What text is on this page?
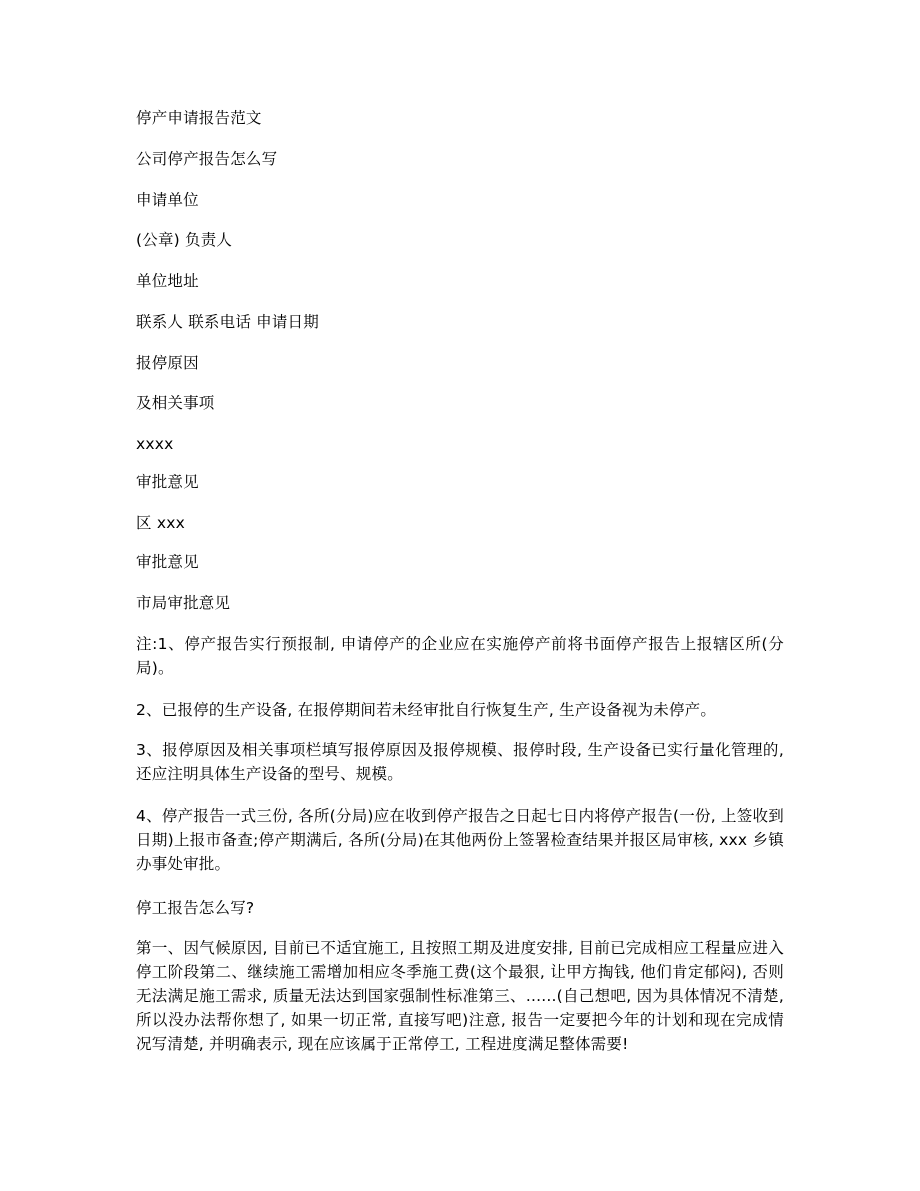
停产申请报告范文
公司停产报告怎么写
申请单位
(公章) 负责人
单位地址
联系人 联系电话 申请日期
报停原因
及相关事项
xxxx
审批意见
区 xxx
审批意见
市局审批意见
注:1、停产报告实行预报制, 申请停产的企业应在实施停产前将书面停产报告上报辖区所(分局)。
2、已报停的生产设备, 在报停期间若未经审批自行恢复生产, 生产设备视为未停产。
3、报停原因及相关事项栏填写报停原因及报停规模、报停时段, 生产设备已实行量化管理的, 还应注明具体生产设备的型号、规模。
4、停产报告一式三份, 各所(分局)应在收到停产报告之日起七日内将停产报告(一份, 上签收到日期)上报市备查;停产期满后, 各所(分局)在其他两份上签署检查结果并报区局审核, xxx 乡镇办事处审批。
停工报告怎么写?
第一、因气候原因, 目前已不适宜施工, 且按照工期及进度安排, 目前已完成相应工程量应进入停工阶段第二、继续施工需增加相应冬季施工费(这个最狠, 让甲方掏钱, 他们肯定郁闷), 否则无法满足施工需求, 质量无法达到国家强制性标准第三、......(自己想吧, 因为具体情况不清楚, 所以没办法帮你想了, 如果一切正常, 直接写吧)注意, 报告一定要把今年的计划和现在完成情况写清楚, 并明确表示, 现在应该属于正常停工, 工程进度满足整体需要!
